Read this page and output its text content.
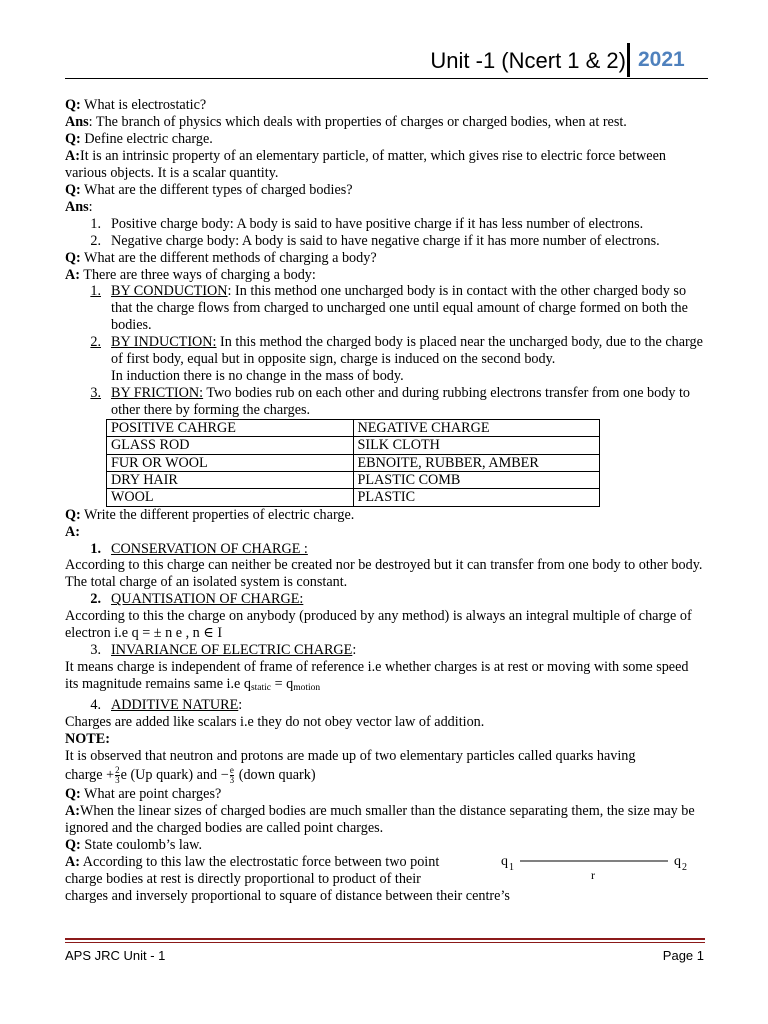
Unit -1 (Ncert 1 & 2) 2021

Q: What is electrostatic?

Ans: The branch of physics which deals with properties of charges or charged bodies, when at rest.

Q: Define electric charge.

A:It is an intrinsic property of an elementary particle, of matter, which gives rise to electric force between various objects. It is a scalar quantity.

Q: What are the different types of charged bodies?

Ans:

1. Positive charge body: A body is said to have positive charge if it has less number of electrons.
2. Negative charge body: A body is said to have negative charge if it has more number of electrons.

Q: What are the different methods of charging a body?

A: There are three ways of charging a body:

1. BY CONDUCTION: In this method one uncharged body is in contact with the other charged body so that the charge flows from charged to uncharged one until equal amount of charge formed on both the bodies.
2. BY INDUCTION: In this method the charged body is placed near the uncharged body, due to the charge of first body, equal but in opposite sign, charge is induced on the second body.
In induction there is no change in the mass of body.
3. BY FRICTION: Two bodies rub on each other and during rubbing electrons transfer from one body to other there by forming the charges.
POSITIVE CAHRGE	NEGATIVE CHARGE
GLASS ROD	SILK CLOTH
FUR OR WOOL	EBNOITE, RUBBER, AMBER
DRY HAIR	PLASTIC COMB
WOOL	PLASTIC

Q: Write the different properties of electric charge.

A:

1. CONSERVATION OF CHARGE :

According to this charge can neither be created nor be destroyed but it can transfer from one body to other body. The total charge of an isolated system is constant.

2. QUANTISATION OF CHARGE:

According to this the charge on anybody (produced by any method) is always an integral multiple of charge of electron i.e q = ± n e , n ∈ I

3. INVARIANCE OF ELECTRIC CHARGE:

It means charge is independent of frame of reference i.e whether charges is at rest or moving with some speed its magnitude remains same i.e $q_{static} = q_{motion}$

4. ADDITIVE NATURE:

Charges are added like scalars i.e they do not obey vector law of addition.

NOTE:

It is observed that neutron and protons are made up of two elementary particles called quarks having

charge + $\frac{2}{3}$ e (Up quark) and − $\frac{e}{3}$ (down quark)

Q: What are point charges?

A:When the linear sizes of charged bodies are much smaller than the distance separating them, the size may be ignored and the charged bodies are called point charges.

Q: State coulomb’s law.

A: According to this law the electrostatic force between two point

charge bodies at rest is directly proportional to product of their

charges and inversely proportional to square of distance between their centre’s

q 1
r
q 2
APS JRC Unit - 1	Page 1
